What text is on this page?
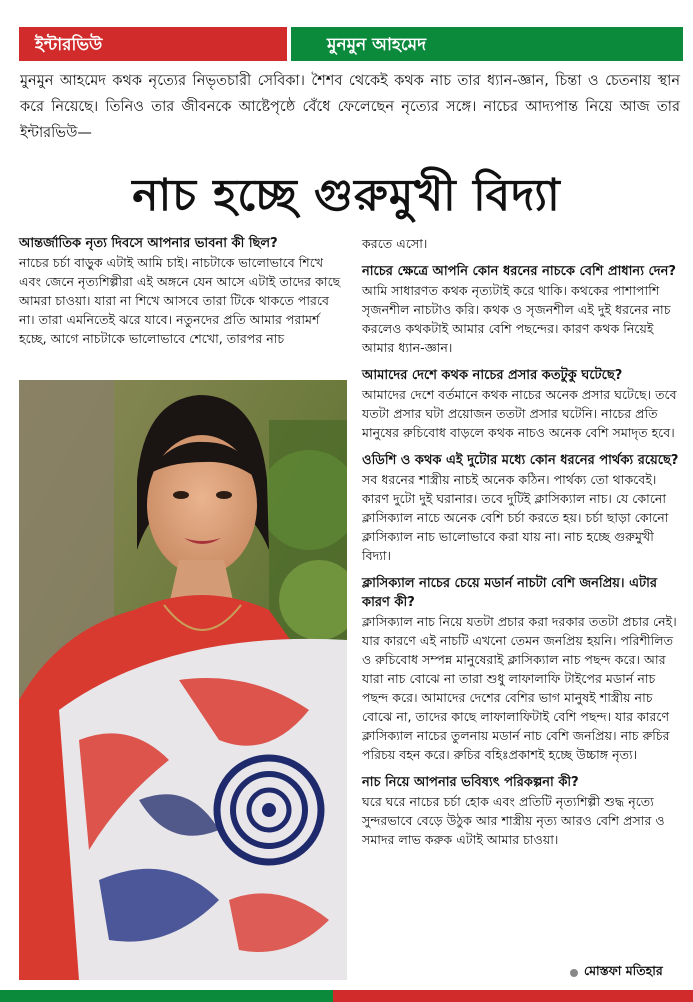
ইন্টারভিউ	মুনমুন আহমেদ

মুনমুন আহমেদ কথক নৃত্যের নিভৃতচারী সেবিকা। শৈশব থেকেই কথক নাচ তার ধ্যান-জ্ঞান, চিন্তা ও চেতনায় স্থান করে নিয়েছে। তিনিও তার জীবনকে আষ্টেপৃষ্ঠে বেঁধে ফেলেছেন নৃত্যের সঙ্গে। নাচের আদ্যপান্ত নিয়ে আজ তার ইন্টারভিউ—

নাচ হচ্ছে গুরুমুখী বিদ্যা
আন্তর্জাতিক নৃত্য দিবসে আপনার ভাবনা কী ছিল?
নাচের চর্চা বাড়ুক এটাই আমি চাই। নাচটাকে ভালোভাবে শিখে এবং জেনে নৃত্যশিল্পীরা এই অঙ্গনে যেন আসে এটাই তাদের কাছে আমরা চাওয়া। যারা না শিখে আসবে তারা টিকে থাকতে পারবে না। তারা এমনিতেই ঝরে যাবে। নতুনদের প্রতি আমার পরামর্শ হচ্ছে, আগে নাচটাকে ভালোভাবে শেখো, তারপর নাচ
করতে এসো।
নাচের ক্ষেত্রে আপনি কোন ধরনের নাচকে বেশি প্রাধান্য দেন?
আমি সাধারণত কথক নৃত্যটাই করে থাকি। কথকের পাশাপাশি সৃজনশীল নাচটাও করি। কথক ও সৃজনশীল এই দুই ধরনের নাচ করলেও কথকটাই আমার বেশি পছন্দের। কারণ কথক নিয়েই আমার ধ্যান-জ্ঞান।
আমাদের দেশে কথক নাচের প্রসার কতটুকু ঘটেছে?
আমাদের দেশে বর্তমানে কথক নাচের অনেক প্রসার ঘটেছে। তবে যতটা প্রসার ঘটা প্রয়োজন ততটা প্রসার ঘটেনি। নাচের প্রতি মানুষের রুচিবোধ বাড়লে কথক নাচও অনেক বেশি সমাদৃত হবে।
ওডিশি ও কথক এই দুটোর মধ্যে কোন ধরনের পার্থক্য রয়েছে?
সব ধরনের শাস্ত্রীয় নাচই অনেক কঠিন। পার্থক্য তো থাকবেই। কারণ দুটো দুই ঘরানার। তবে দুটিই ক্লাসিক্যাল নাচ। যে কোনো ক্লাসিক্যাল নাচে অনেক বেশি চর্চা করতে হয়। চর্চা ছাড়া কোনো ক্লাসিক্যাল নাচ ভালোভাবে করা যায় না। নাচ হচ্ছে গুরুমুখী বিদ্যা।
ক্লাসিক্যাল নাচের চেয়ে মডার্ন নাচটা বেশি জনপ্রিয়। এটার কারণ কী?
ক্লাসিক্যাল নাচ নিয়ে যতটা প্রচার করা দরকার ততটা প্রচার নেই। যার কারণে এই নাচটি এখনো তেমন জনপ্রিয় হয়নি। পরিশীলিত ও রুচিবোধ সম্পন্ন মানুষেরাই ক্লাসিক্যাল নাচ পছন্দ করে। আর যারা নাচ বোঝে না তারা শুধু লাফালাফি টাইপের মডার্ন নাচ পছন্দ করে। আমাদের দেশের বেশির ভাগ মানুষই শাস্ত্রীয় নাচ বোঝে না, তাদের কাছে লাফালাফিটাই বেশি পছন্দ। যার কারণে ক্লাসিক্যাল নাচের তুলনায় মডার্ন নাচ বেশি জনপ্রিয়। নাচ রুচির পরিচয় বহন করে। রুচির বহিঃপ্রকাশই হচ্ছে উচ্চাঙ্গ নৃত্য।
নাচ নিয়ে আপনার ভবিষ্যৎ পরিকল্পনা কী?
ঘরে ঘরে নাচের চর্চা হোক এবং প্রতিটি নৃত্যশিল্পী শুদ্ধ নৃত্যে সুন্দরভাবে বেড়ে উঠুক আর শাস্ত্রীয় নৃত্য আরও বেশি প্রসার ও সমাদর লাভ করুক এটাই আমার চাওয়া।
মোস্তফা মতিহার
